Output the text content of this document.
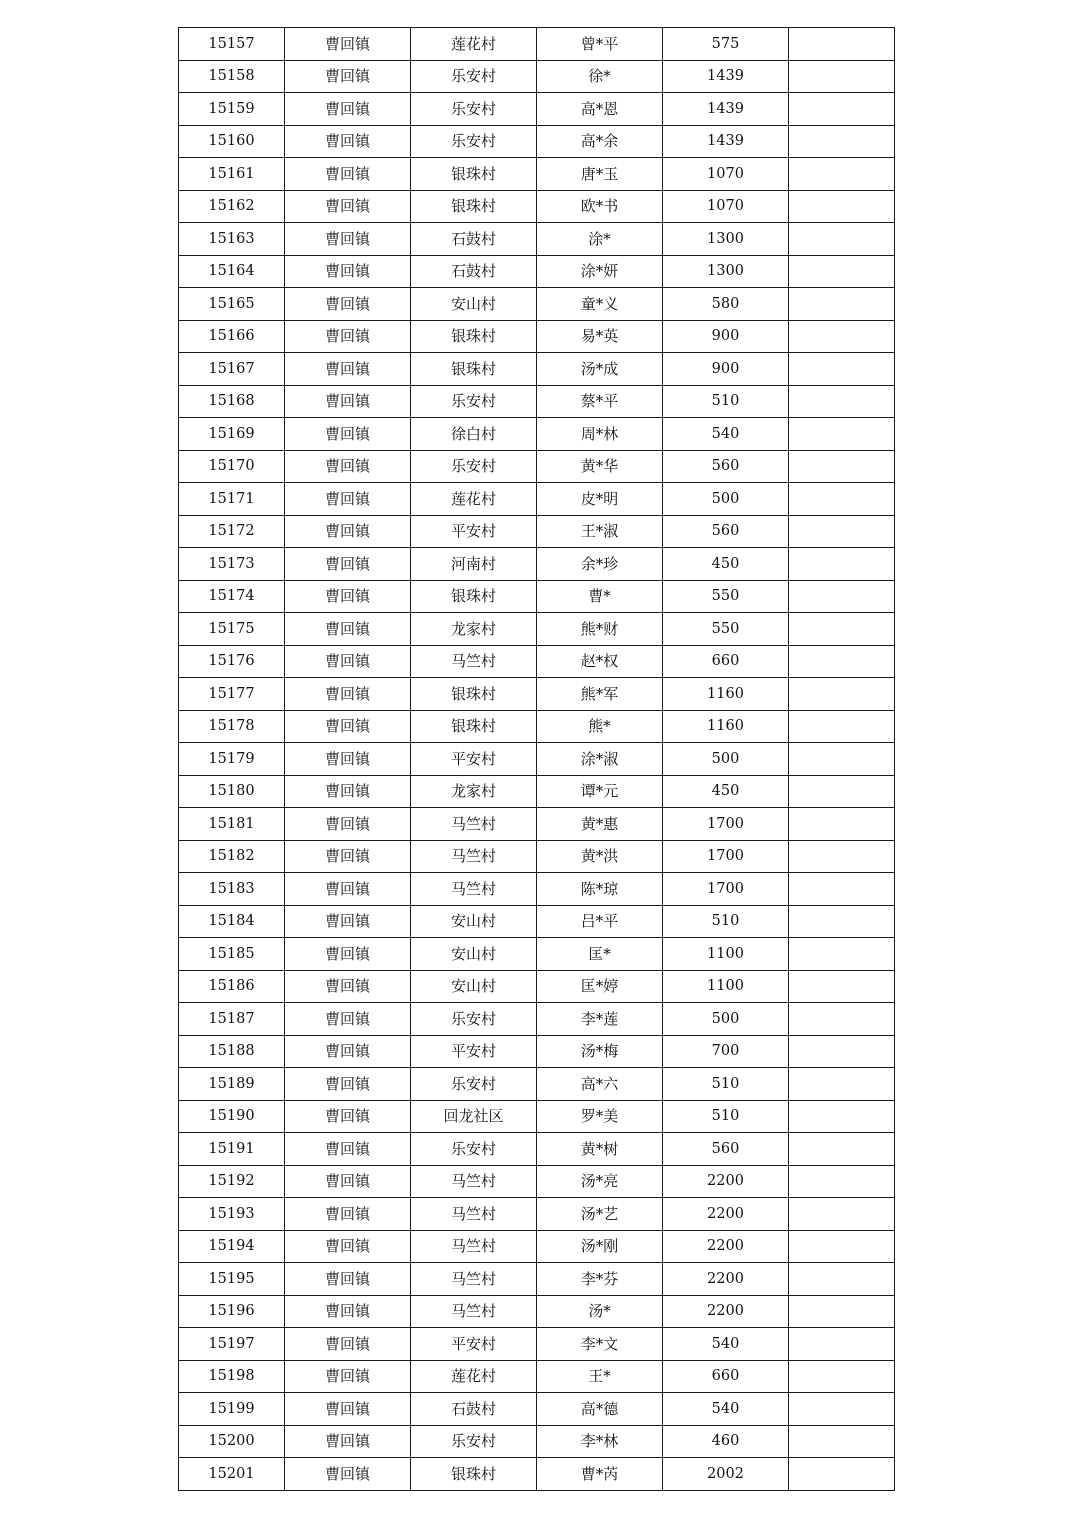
15157	曹回镇	莲花村	曾*平	575	
15158	曹回镇	乐安村	徐*	1439	
15159	曹回镇	乐安村	高*恩	1439	
15160	曹回镇	乐安村	高*余	1439	
15161	曹回镇	银珠村	唐*玉	1070	
15162	曹回镇	银珠村	欧*书	1070	
15163	曹回镇	石鼓村	涂*	1300	
15164	曹回镇	石鼓村	涂*妍	1300	
15165	曹回镇	安山村	童*义	580	
15166	曹回镇	银珠村	易*英	900	
15167	曹回镇	银珠村	汤*成	900	
15168	曹回镇	乐安村	蔡*平	510	
15169	曹回镇	徐白村	周*林	540	
15170	曹回镇	乐安村	黄*华	560	
15171	曹回镇	莲花村	皮*明	500	
15172	曹回镇	平安村	王*淑	560	
15173	曹回镇	河南村	余*珍	450	
15174	曹回镇	银珠村	曹*	550	
15175	曹回镇	龙家村	熊*财	550	
15176	曹回镇	马竺村	赵*权	660	
15177	曹回镇	银珠村	熊*军	1160	
15178	曹回镇	银珠村	熊*	1160	
15179	曹回镇	平安村	涂*淑	500	
15180	曹回镇	龙家村	谭*元	450	
15181	曹回镇	马竺村	黄*惠	1700	
15182	曹回镇	马竺村	黄*洪	1700	
15183	曹回镇	马竺村	陈*琼	1700	
15184	曹回镇	安山村	吕*平	510	
15185	曹回镇	安山村	匡*	1100	
15186	曹回镇	安山村	匡*婷	1100	
15187	曹回镇	乐安村	李*莲	500	
15188	曹回镇	平安村	汤*梅	700	
15189	曹回镇	乐安村	高*六	510	
15190	曹回镇	回龙社区	罗*美	510	
15191	曹回镇	乐安村	黄*树	560	
15192	曹回镇	马竺村	汤*亮	2200	
15193	曹回镇	马竺村	汤*艺	2200	
15194	曹回镇	马竺村	汤*刚	2200	
15195	曹回镇	马竺村	李*芬	2200	
15196	曹回镇	马竺村	汤*	2200	
15197	曹回镇	平安村	李*文	540	
15198	曹回镇	莲花村	王*	660	
15199	曹回镇	石鼓村	高*德	540	
15200	曹回镇	乐安村	李*林	460	
15201	曹回镇	银珠村	曹*芮	2002	
